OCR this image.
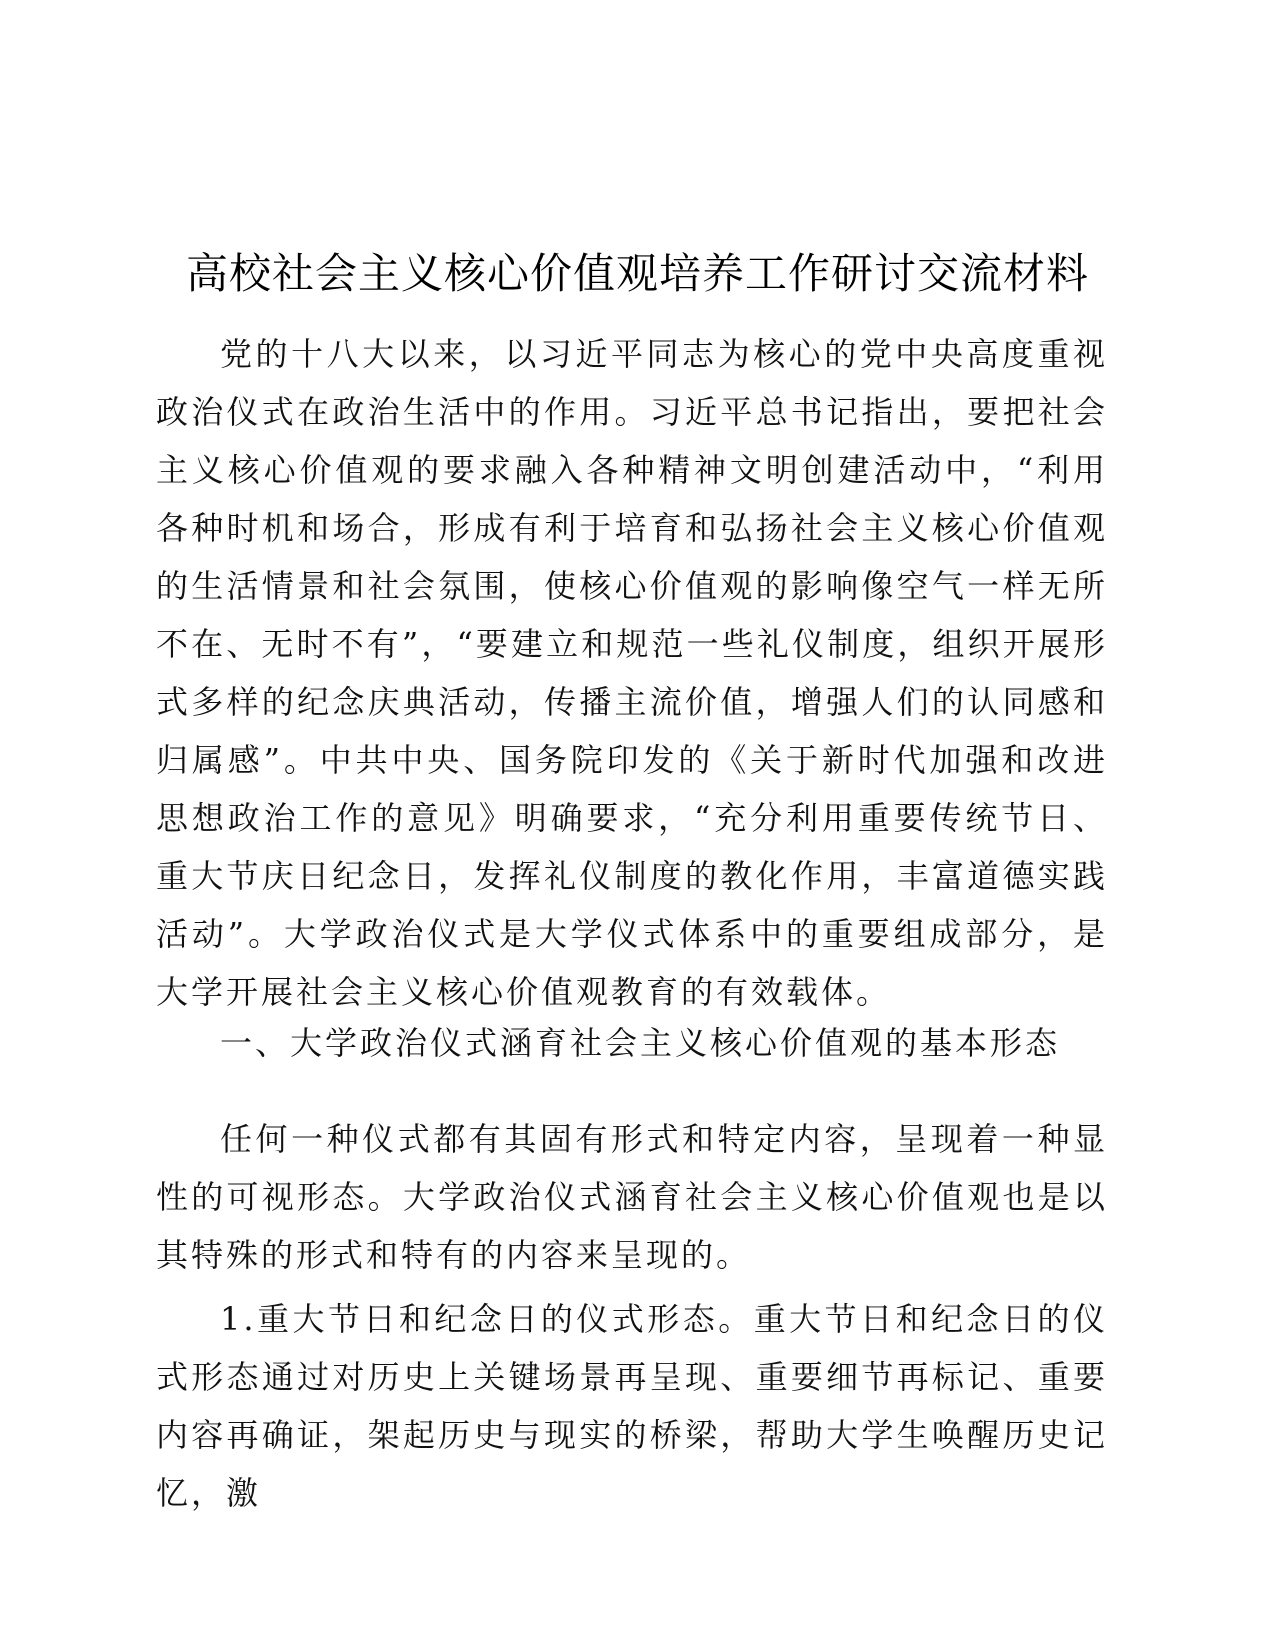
高校社会主义核心价值观培养工作研讨交流材料

党的十八大以来，以习近平同志为核心的党中央高度重视政治仪式在政治生活中的作用。习近平总书记指出，要把社会主义核心价值观的要求融入各种精神文明创建活动中，“利用各种时机和场合，形成有利于培育和弘扬社会主义核心价值观的生活情景和社会氛围，使核心价值观的影响像空气一样无所不在、无时不有”，“要建立和规范一些礼仪制度，组织开展形式多样的纪念庆典活动，传播主流价值，增强人们的认同感和归属感”。中共中央、国务院印发的《关于新时代加强和改进思想政治工作的意见》明确要求，“充分利用重要传统节日、重大节庆日纪念日，发挥礼仪制度的教化作用，丰富道德实践活动”。大学政治仪式是大学仪式体系中的重要组成部分，是大学开展社会主义核心价值观教育的有效载体。

一、大学政治仪式涵育社会主义核心价值观的基本形态

任何一种仪式都有其固有形式和特定内容，呈现着一种显性的可视形态。大学政治仪式涵育社会主义核心价值观也是以其特殊的形式和特有的内容来呈现的。

1.重大节日和纪念日的仪式形态。重大节日和纪念日的仪式形态通过对历史上关键场景再呈现、重要细节再标记、重要内容再确证，架起历史与现实的桥梁，帮助大学生唤醒历史记忆，激
